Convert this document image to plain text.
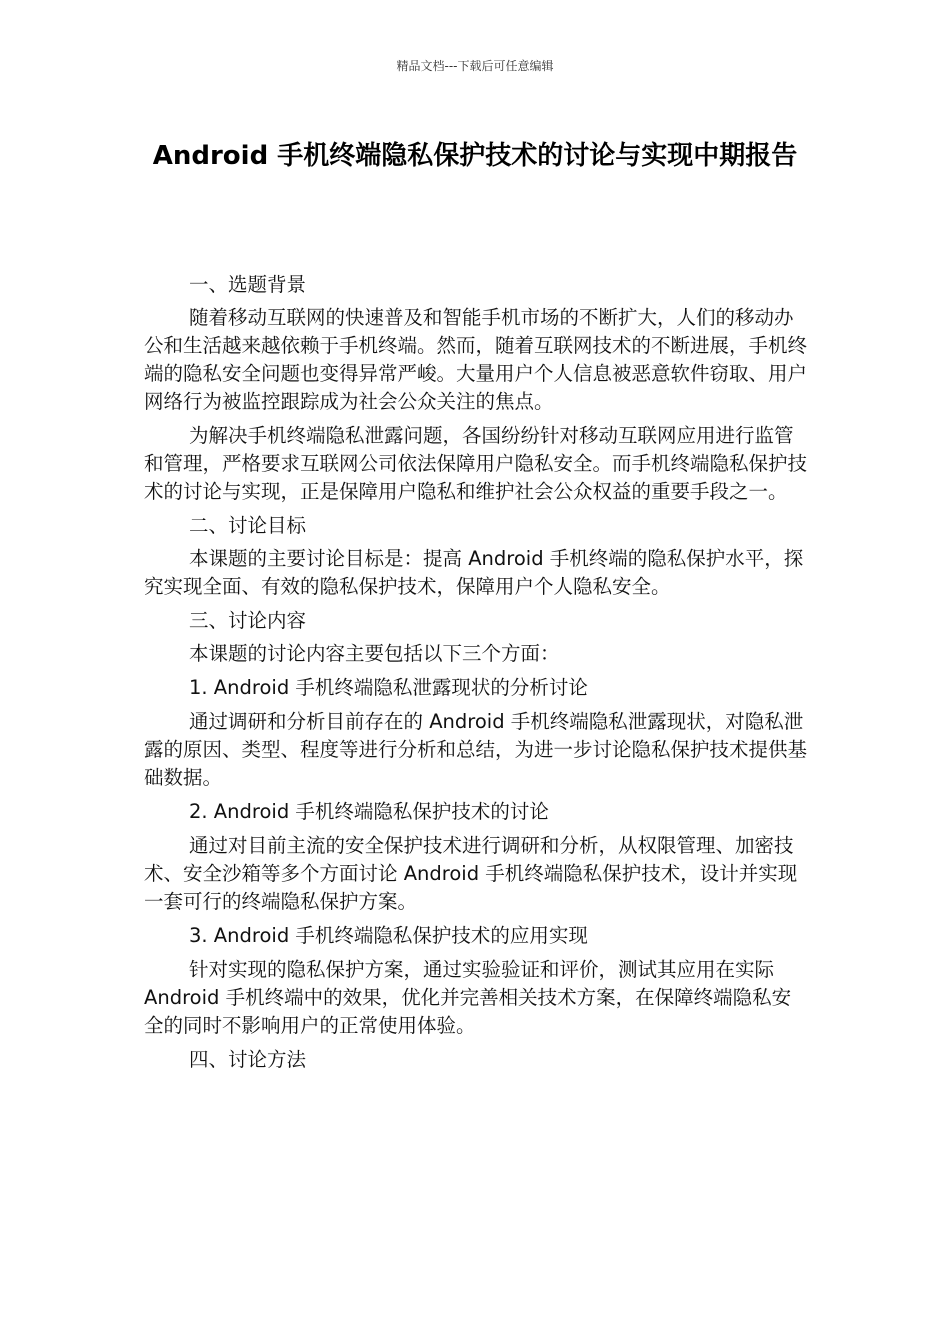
精品文档---下载后可任意编辑
Android 手机终端隐私保护技术的讨论与实现中期报告

一、选题背景

随着移动互联网的快速普及和智能手机市场的不断扩大，人们的移动办公和生活越来越依赖于手机终端。然而，随着互联网技术的不断进展，手机终端的隐私安全问题也变得异常严峻。大量用户个人信息被恶意软件窃取、用户网络行为被监控跟踪成为社会公众关注的焦点。

为解决手机终端隐私泄露问题，各国纷纷针对移动互联网应用进行监管和管理，严格要求互联网公司依法保障用户隐私安全。而手机终端隐私保护技术的讨论与实现，正是保障用户隐私和维护社会公众权益的重要手段之一。

二、讨论目标

本课题的主要讨论目标是：提高 Android 手机终端的隐私保护水平，探究实现全面、有效的隐私保护技术，保障用户个人隐私安全。

三、讨论内容

本课题的讨论内容主要包括以下三个方面：

1. Android 手机终端隐私泄露现状的分析讨论

通过调研和分析目前存在的 Android 手机终端隐私泄露现状，对隐私泄露的原因、类型、程度等进行分析和总结，为进一步讨论隐私保护技术提供基础数据。

2. Android 手机终端隐私保护技术的讨论

通过对目前主流的安全保护技术进行调研和分析，从权限管理、加密技术、安全沙箱等多个方面讨论 Android 手机终端隐私保护技术，设计并实现一套可行的终端隐私保护方案。

3. Android 手机终端隐私保护技术的应用实现

针对实现的隐私保护方案，通过实验验证和评价，测试其应用在实际 Android 手机终端中的效果，优化并完善相关技术方案，在保障终端隐私安全的同时不影响用户的正常使用体验。

四、讨论方法
